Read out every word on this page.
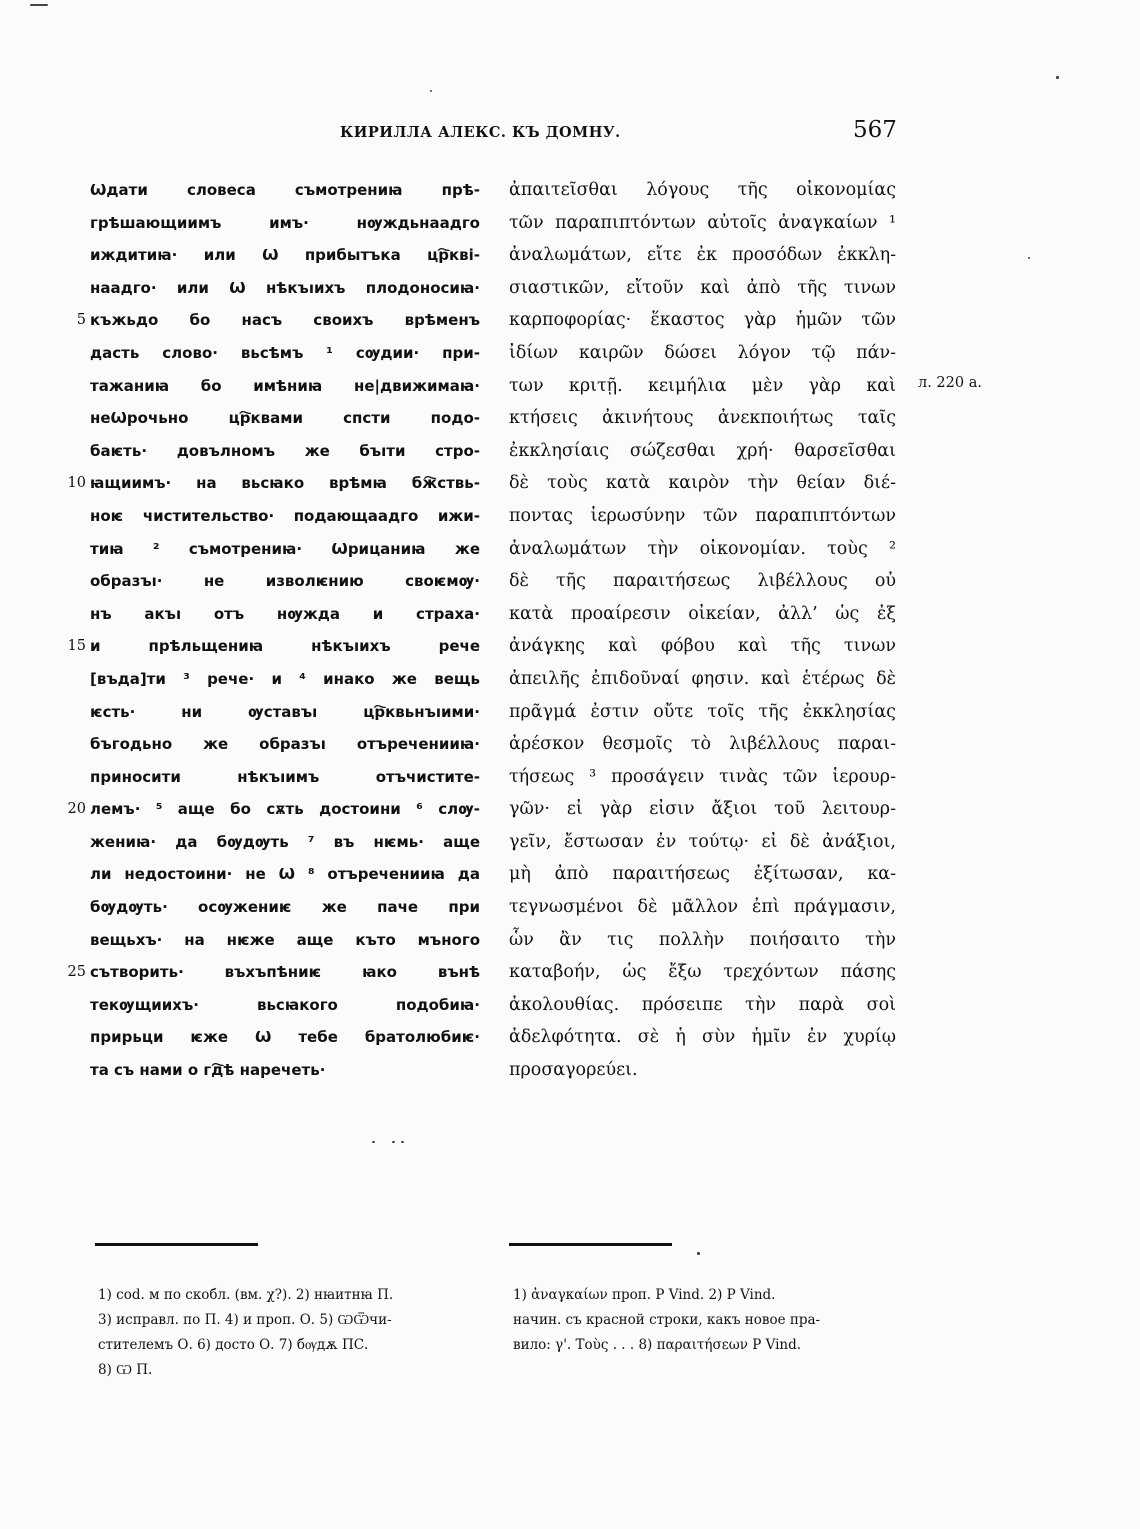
КИРИЛЛА АЛЕКС. КЪ ДОМНУ.	567
Ѡдати словеса съмотрениꙗ прѣ-
грѣшающиимъ имъ· нѹждьнаадго
иждитиꙗ· или Ѡ прибытъка цр҇кві-
наадго· или Ѡ нѣкъıихъ плодоносиꙗ·
5 къжьдо бо насъ своихъ врѣменъ
дасть слово· вьсѣмъ ¹ сѹдии· при-
тажаниꙗ бо имѣниꙗ не|движимаꙗ·
неѠрочьно цр҇квами спсти подо-
баѥть· довълномъ же бъıти стро-
10 ꙗщиимъ· на вьсꙗко врѣмꙗ бж҇ствь-
ноѥ чистительство· подающаадго ижи-
тиꙗ ² съмотрениꙗ· Ѡрицаниꙗ же
образъı· не изволѥнию своѥмѹ·
нъ акъı отъ нѹжда и страха·
15 и прѣльщениꙗ нѣкъıихъ рече
[въда]ти ³ рече· и ⁴ инако же вещь
ѥсть· ни ѹставъı цр҇квьнъıими·
бъгодьно же образъı отъреченииꙗ·
приносити нѣкъıимъ отъчистите-
20 лемъ· ⁵ аще бо сѫть достоини ⁶ слѹ-
жениꙗ· да бѹдѹть ⁷ въ нѥмь· аще
ли недостоини· не Ѡ ⁸ отъреченииꙗ да
бѹдѹть· осѹжениѥ же паче при
вещьхъ· на нѥже аще къто мъного
25 сътворить· въхъпѣниѥ ꙗко вънѣ
текѹщиихъ· вьсꙗкого подобиꙗ·
прирьци ѥже Ѡ тебе братолюбиѥ·
та съ нами о гд҇ѣ наречеть·
ἀπαιτεῖσθαι λόγους τῆς οἰκονομίας
τῶν παραπιπτόντων αὐτοῖς ἀναγκαίων ¹
ἀναλωμάτων, εἴτε ἐκ προσόδων ἐκκλη-
σιαστικῶν, εἴτοῦν καὶ ἀπὸ τῆς τινων
καρποφορίας· ἕκαστος γὰρ ἡμῶν τῶν
ἰδίων καιρῶν δώσει λόγον τῷ πάν-
των κριτῇ. κειμήλια μὲν γὰρ καὶ
κτήσεις ἀκινήτους ἀνεκποιήτως ταῖς
ἐκκλησίαις σώζεσθαι χρή· θαρσεῖσθαι
δὲ τοὺς κατὰ καιρὸν τὴν θείαν διέ-
ποντας ἱερωσύνην τῶν παραπιπτόντων
ἀναλωμάτων τὴν οἰκονομίαν. τοὺς ²
δὲ τῆς παραιτήσεως λιβέλλους οὐ
κατὰ προαίρεσιν οἰκείαν, ἀλλ’ ὡς ἐξ
ἀνάγκης καὶ φόβου καὶ τῆς τινων
ἀπειλῆς ἐπιδοῦναί φησιν. καὶ ἑτέρως δὲ
πρᾶγμά ἐστιν οὔτε τοῖς τῆς ἐκκλησίας
ἀρέσκον θεσμοῖς τὸ λιβέλλους παραι-
τήσεως ³ προσάγειν τινὰς τῶν ἱερουρ-
γῶν· εἰ γὰρ εἰσιν ἄξιοι τοῦ λειτουρ-
γεῖν, ἔστωσαν ἐν τούτῳ· εἰ δὲ ἀνάξιοι,
μὴ ἀπὸ παραιτήσεως ἐξίτωσαν, κα-
τεγνωσμένοι δὲ μᾶλλον ἐπὶ πράγμασιν,
ὧν ἂν τις πολλὴν ποιήσαιτο τὴν
καταβοήν, ὡς ἔξω τρεχόντων πάσης
ἀκολουθίας. πρόσειπε τὴν παρὰ σοὶ
ἀδελφότητα. σὲ ἡ σὺν ἡμῖν ἐν χυρίῳ
προσαγορεύει.
л. 220 а.
1) cod. м по скобл. (вм. χ?). 2) нꙗитнꙗ П.
3) исправл. по П. 4) и проп. О. 5) ѠѾчи-
стителемъ О. 6) досто О. 7) бѹдѫ ПС.
8) Ѡ П.
1) ἀναγκαίων проп. P Vind. 2) P Vind.
начин. съ красной строки, какъ новое пра-
вило: γ'. Τοὺς . . . 8) παραιτήσεων P Vind.
